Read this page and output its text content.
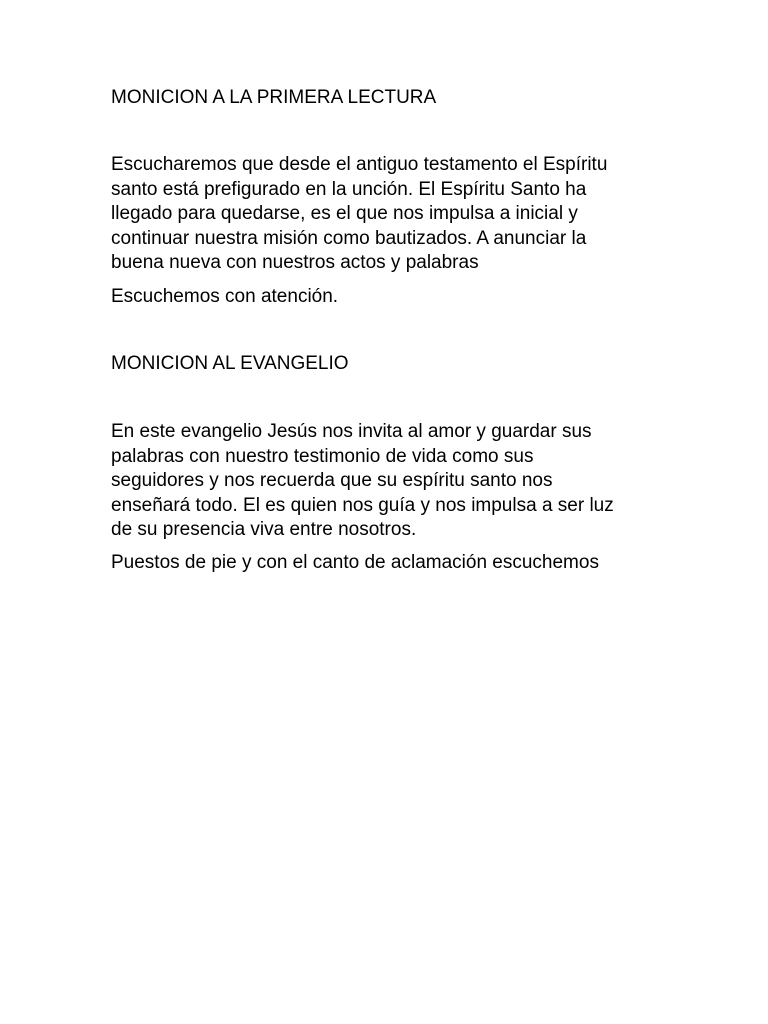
MONICION A LA PRIMERA LECTURA
Escucharemos que desde el antiguo testamento el Espíritu
santo está prefigurado en la unción. El Espíritu Santo ha
llegado para quedarse, es el que nos impulsa a inicial y
continuar nuestra misión como bautizados. A anunciar la
buena nueva con nuestros actos y palabras
Escuchemos con atención.
MONICION AL EVANGELIO
En este evangelio Jesús nos invita al amor y guardar sus
palabras con nuestro testimonio de vida como sus
seguidores y nos recuerda que su espíritu santo nos
enseñará todo. El es quien nos guía y nos impulsa a ser luz
de su presencia viva entre nosotros.
Puestos de pie y con el canto de aclamación escuchemos
